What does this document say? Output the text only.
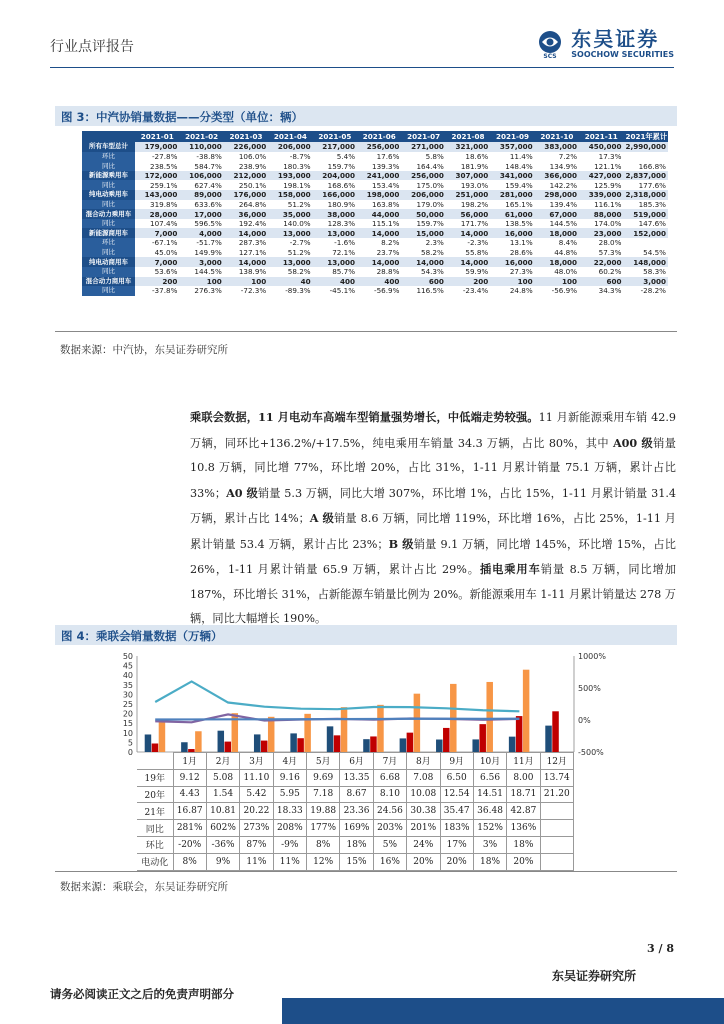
行业点评报告
SCS
东吴证券
SOOCHOW SECURITIES
图 3：中汽协销量数据——分类型（单位：辆）
	2021-01	2021-02	2021-03	2021-04	2021-05	2021-06	2021-07	2021-08	2021-09	2021-10	2021-11	2021年累计
所有车型总计	179,000	110,000	226,000	206,000	217,000	256,000	271,000	321,000	357,000	383,000	450,000	2,990,000
环比	-27.8%	-38.8%	106.0%	-8.7%	5.4%	17.6%	5.8%	18.6%	11.4%	7.2%	17.3%	
同比	238.5%	584.7%	238.9%	180.3%	159.7%	139.3%	164.4%	181.9%	148.4%	134.9%	121.1%	166.8%
新能源乘用车	172,000	106,000	212,000	193,000	204,000	241,000	256,000	307,000	341,000	366,000	427,000	2,837,000
同比	259.1%	627.4%	250.1%	198.1%	168.6%	153.4%	175.0%	193.0%	159.4%	142.2%	125.9%	177.6%
纯电动乘用车	143,000	89,000	176,000	158,000	166,000	198,000	206,000	251,000	281,000	298,000	339,000	2,318,000
同比	319.8%	633.6%	264.8%	51.2%	180.9%	163.8%	179.0%	198.2%	165.1%	139.4%	116.1%	185.3%
混合动力乘用车	28,000	17,000	36,000	35,000	38,000	44,000	50,000	56,000	61,000	67,000	88,000	519,000
同比	107.4%	596.5%	192.4%	140.0%	128.3%	115.1%	159.7%	171.7%	138.5%	144.5%	174.0%	147.6%
新能源商用车	7,000	4,000	14,000	13,000	13,000	14,000	15,000	14,000	16,000	18,000	23,000	152,000
环比	-67.1%	-51.7%	287.3%	-2.7%	-1.6%	8.2%	2.3%	-2.3%	13.1%	8.4%	28.0%	
同比	45.0%	149.9%	127.1%	51.2%	72.1%	23.7%	58.2%	55.8%	28.6%	44.8%	57.3%	54.5%
纯电动商用车	7,000	3,000	14,000	13,000	13,000	14,000	14,000	14,000	16,000	18,000	22,000	148,000
同比	53.6%	144.5%	138.9%	58.2%	85.7%	28.8%	54.3%	59.9%	27.3%	48.0%	60.2%	58.3%
混合动力商用车	200	100	100	40	400	400	600	200	100	100	600	3,000
同比	-37.8%	276.3%	-72.3%	-89.3%	-45.1%	-56.9%	116.5%	-23.4%	24.8%	-56.9%	34.3%	-28.2%
数据来源：中汽协，东吴证券研究所
乘联会数据，11 月电动车高端车型销量强势增长，中低端走势较强。11 月新能源乘用车销 42.9 万辆，同环比+136.2%/+17.5%，纯电乘用车销量 34.3 万辆，占比 80%，其中 A00 级销量 10.8 万辆，同比增 77%，环比增 20%，占比 31%，1-11 月累计销量 75.1 万辆，累计占比 33%；A0 级销量 5.3 万辆，同比大增 307%，环比增 1%，占比 15%，1-11 月累计销量 31.4 万辆，累计占比 14%；A 级销量 8.6 万辆，同比增 119%，环比增 16%，占比 25%，1-11 月累计销量 53.4 万辆，累计占比 23%；B 级销量 9.1 万辆，同比增 145%，环比增 15%，占比 26%，1-11 月累计销量 65.9 万辆，累计占比 29%。插电乘用车销量 8.5 万辆，同比增加 187%，环比增长 31%，占新能源车销量比例为 20%。新能源乘用车 1-11 月累计销量达 278 万辆，同比大幅增长 190%。
图 4：乘联会销量数据（万辆）
50
45
40
35
30
25
20
15
10
5
0
1000%
500%
0%
-500%
	1月	2月	3月	4月	5月	6月	7月	8月	9月	10月	11月	12月
19年	9.12	5.08	11.10	9.16	9.69	13.35	6.68	7.08	6.50	6.56	8.00	13.74
20年	4.43	1.54	5.42	5.95	7.18	8.67	8.10	10.08	12.54	14.51	18.71	21.20
21年	16.87	10.81	20.22	18.33	19.88	23.36	24.56	30.38	35.47	36.48	42.87	
同比	281%	602%	273%	208%	177%	169%	203%	201%	183%	152%	136%	
环比	-20%	-36%	87%	-9%	8%	18%	5%	24%	17%	3%	18%	
电动化	8%	9%	11%	11%	12%	15%	16%	20%	20%	18%	20%	
数据来源：乘联会，东吴证券研究所
3 / 8
东吴证券研究所
请务必阅读正文之后的免责声明部分
